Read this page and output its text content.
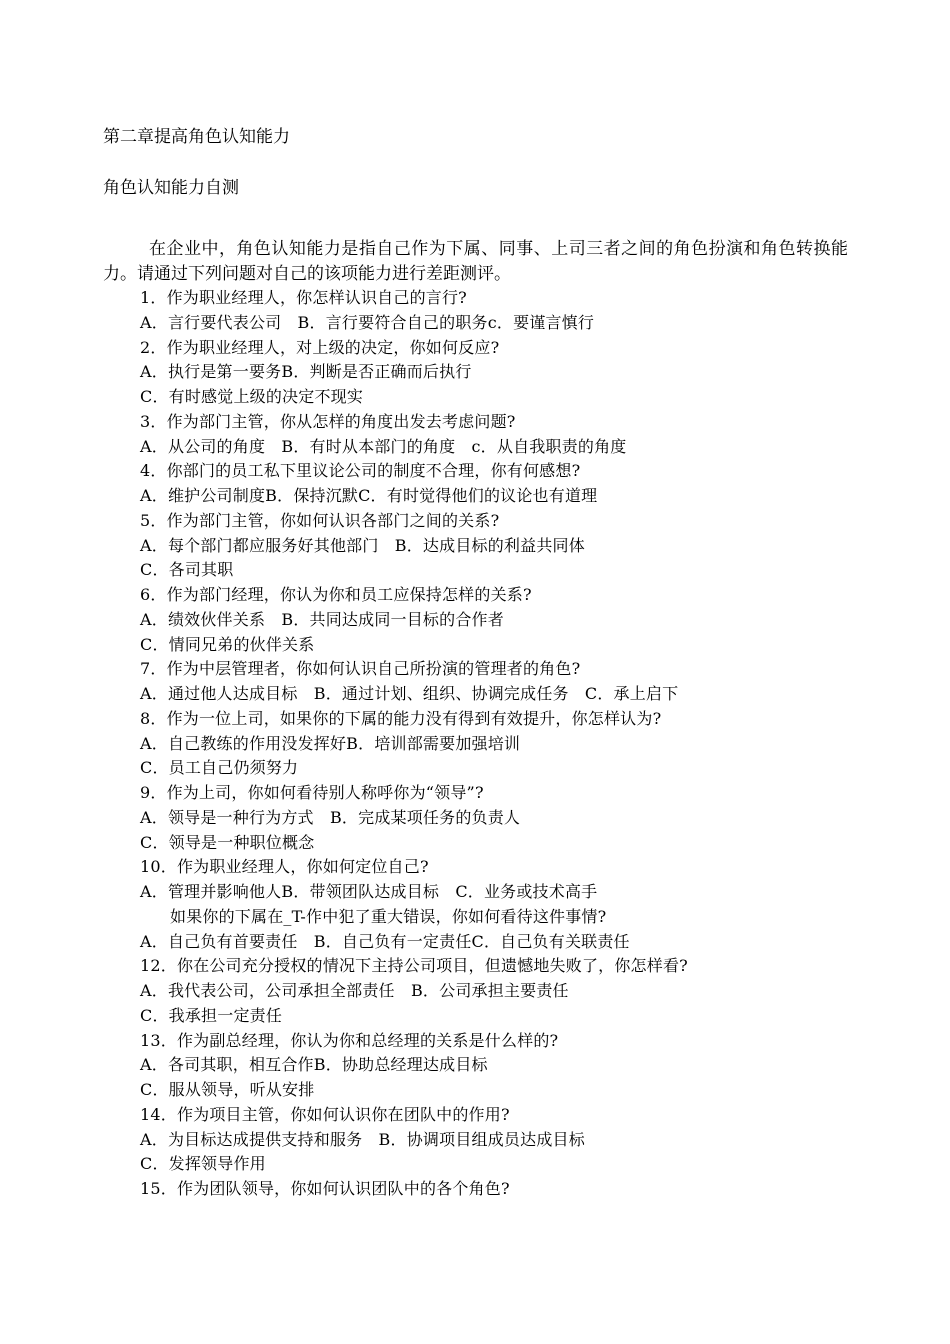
第二章提高角色认知能力
角色认知能力自测
在企业中，角色认知能力是指自己作为下属、同事、上司三者之间的角色扮演和角色转换能力。请通过下列问题对自己的该项能力进行差距测评。
1．作为职业经理人，你怎样认识自己的言行?
A．言行要代表公司　B．言行要符合自己的职务c．要谨言慎行
2．作为职业经理人，对上级的决定，你如何反应?
A．执行是第一要务B．判断是否正确而后执行
C．有时感觉上级的决定不现实
3．作为部门主管，你从怎样的角度出发去考虑问题?
A．从公司的角度　B．有时从本部门的角度　c．从自我职责的角度
4．你部门的员工私下里议论公司的制度不合理，你有何感想?
A．维护公司制度B．保持沉默C．有时觉得他们的议论也有道理
5．作为部门主管，你如何认识各部门之间的关系?
A．每个部门都应服务好其他部门　B．达成目标的利益共同体
C．各司其职
6．作为部门经理，你认为你和员工应保持怎样的关系?
A．绩效伙伴关系　B．共同达成同一目标的合作者
C．情同兄弟的伙伴关系
7．作为中层管理者，你如何认识自己所扮演的管理者的角色?
A．通过他人达成目标　B．通过计划、组织、协调完成任务　C．承上启下
8．作为一位上司，如果你的下属的能力没有得到有效提升，你怎样认为?
A．自己教练的作用没发挥好B．培训部需要加强培训
C．员工自己仍须努力
9．作为上司，你如何看待别人称呼你为“领导”?
A．领导是一种行为方式　B．完成某项任务的负责人
C．领导是一种职位概念
10．作为职业经理人，你如何定位自己?
A．管理并影响他人B．带领团队达成目标　C．业务或技术高手
如果你的下属在_T-作中犯了重大错误，你如何看待这件事情?
A．自己负有首要责任　B．自己负有一定责任C．自己负有关联责任
12．你在公司充分授权的情况下主持公司项目，但遗憾地失败了，你怎样看?
A．我代表公司，公司承担全部责任　B．公司承担主要责任
C．我承担一定责任
13．作为副总经理，你认为你和总经理的关系是什么样的?
A．各司其职，相互合作B．协助总经理达成目标
C．服从领导，听从安排
14．作为项目主管，你如何认识你在团队中的作用?
A．为目标达成提供支持和服务　B．协调项目组成员达成目标
C．发挥领导作用
15．作为团队领导，你如何认识团队中的各个角色?
